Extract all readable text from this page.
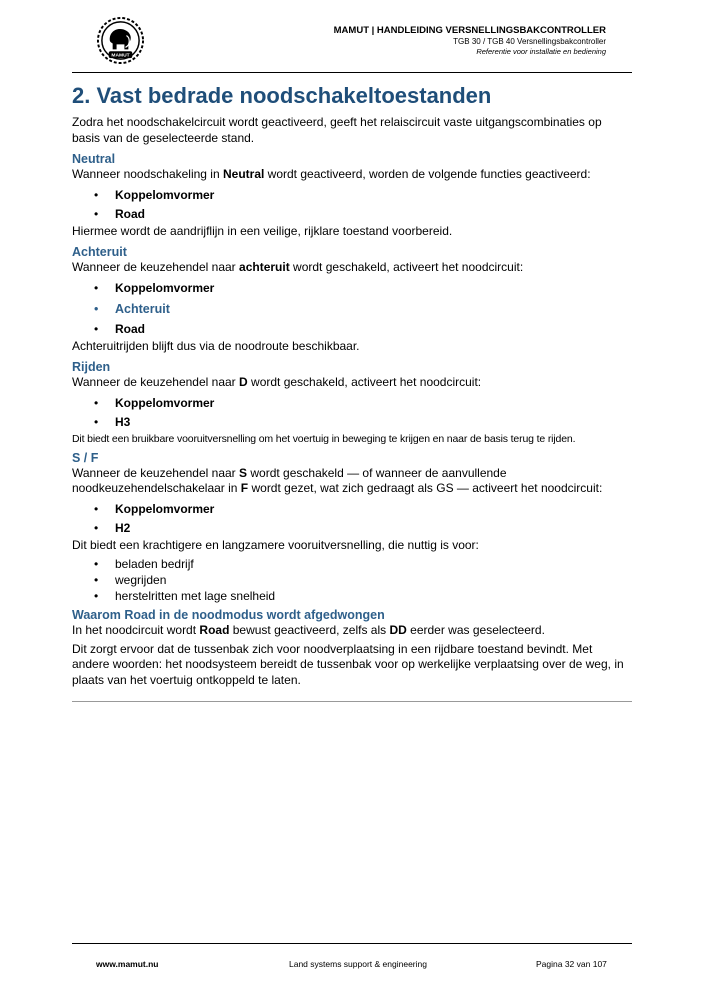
MAMUT
MAMUT | HANDLEIDING VERSNELLINGSBAKCONTROLLER
TGB 30 / TGB 40 Versnellingsbakcontroller
Referentie voor installatie en bediening
2. Vast bedrade noodschakeltoestanden

Zodra het noodschakelcircuit wordt geactiveerd, geeft het relaiscircuit vaste uitgangscombinaties op basis van de geselecteerde stand.

Neutral

Wanneer noodschakeling in Neutral wordt geactiveerd, worden de volgende functies geactiveerd:

• Koppelomvormer
• Road

Hiermee wordt de aandrijflijn in een veilige, rijklare toestand voorbereid.

Achteruit

Wanneer de keuzehendel naar achteruit wordt geschakeld, activeert het noodcircuit:

• Koppelomvormer
• Achteruit
• Road

Achteruitrijden blijft dus via de noodroute beschikbaar.

Rijden

Wanneer de keuzehendel naar D wordt geschakeld, activeert het noodcircuit:

• Koppelomvormer
• H3

Dit biedt een bruikbare vooruitversnelling om het voertuig in beweging te krijgen en naar de basis terug te rijden.

S / F

Wanneer de keuzehendel naar S wordt geschakeld — of wanneer de aanvullende noodkeuzehendelschakelaar in F wordt gezet, wat zich gedraagt als GS — activeert het noodcircuit:

• Koppelomvormer
• H2

Dit biedt een krachtigere en langzamere vooruitversnelling, die nuttig is voor:

• beladen bedrijf
• wegrijden
• herstelritten met lage snelheid
Waarom Road in de noodmodus wordt afgedwongen

In het noodcircuit wordt Road bewust geactiveerd, zelfs als DD eerder was geselecteerd.

Dit zorgt ervoor dat de tussenbak zich voor noodverplaatsing in een rijdbare toestand bevindt. Met andere woorden: het noodsysteem bereidt de tussenbak voor op werkelijke verplaatsing over de weg, in plaats van het voertuig ontkoppeld te laten.

www.mamut.nu	Land systems support & engineering	Pagina 32 van 107
